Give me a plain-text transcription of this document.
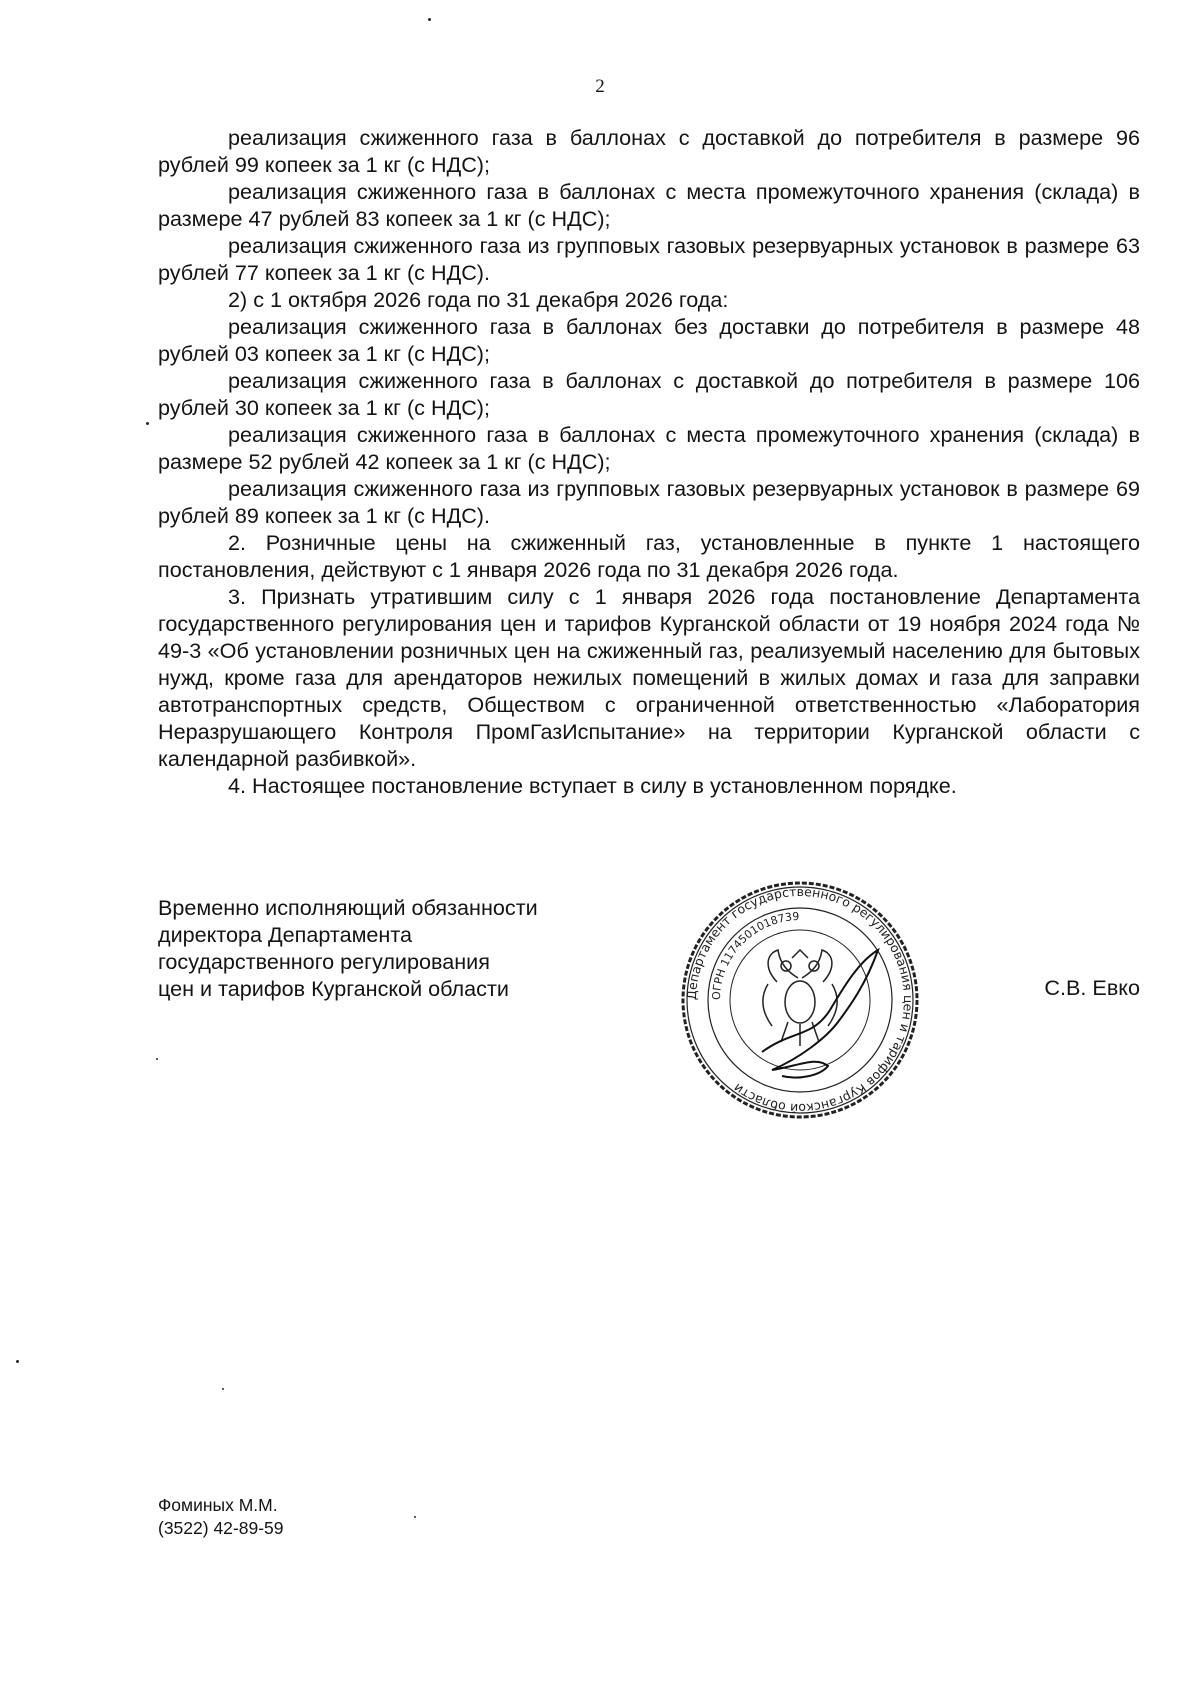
2

реализация сжиженного газа в баллонах с доставкой до потребителя в размере 96 рублей 99 копеек за 1 кг (с НДС);

реализация сжиженного газа в баллонах с места промежуточного хранения (склада) в размере 47 рублей 83 копеек за 1 кг (с НДС);

реализация сжиженного газа из групповых газовых резервуарных установок в размере 63 рублей 77 копеек за 1 кг (с НДС).

2) с 1 октября 2026 года по 31 декабря 2026 года:

реализация сжиженного газа в баллонах без доставки до потребителя в размере 48 рублей 03 копеек за 1 кг (с НДС);

реализация сжиженного газа в баллонах с доставкой до потребителя в размере 106 рублей 30 копеек за 1 кг (с НДС);

реализация сжиженного газа в баллонах с места промежуточного хранения (склада) в размере 52 рублей 42 копеек за 1 кг (с НДС);

реализация сжиженного газа из групповых газовых резервуарных установок в размере 69 рублей 89 копеек за 1 кг (с НДС).

2. Розничные цены на сжиженный газ, установленные в пункте 1 настоящего постановления, действуют с 1 января 2026 года по 31 декабря 2026 года.

3. Признать утратившим силу с 1 января 2026 года постановление Департамента государственного регулирования цен и тарифов Курганской области от 19 ноября 2024 года № 49-3 «Об установлении розничных цен на сжиженный газ, реализуемый населению для бытовых нужд, кроме газа для арендаторов нежилых помещений в жилых домах и газа для заправки автотранспортных средств, Обществом с ограниченной ответственностью «Лаборатория Неразрушающего Контроля ПромГазИспытание» на территории Курганской области с календарной разбивкой».

4. Настоящее постановление вступает в силу в установленном порядке.

Временно исполняющий обязанности
директора Департамента
государственного регулирования
цен и тарифов Курганской области	Департамент государственного регулирования цен и тарифов Курганской области
ОГРН 1174501018739
С.В. Евко
Фоминых М.М.
(3522) 42-89-59
